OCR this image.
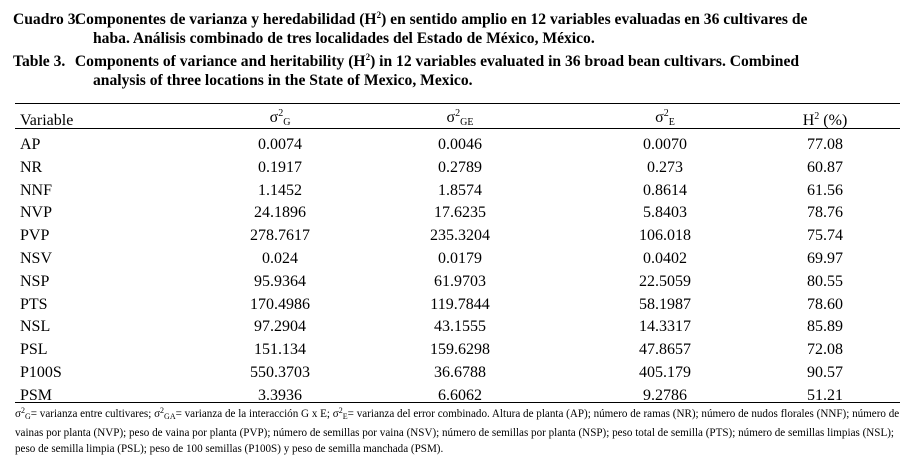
Cuadro 3. Componentes de varianza y heredabilidad $(H^2)$ en sentido amplio en 12 variables evaluadas en 36 cultivares de
haba. Análisis combinado de tres localidades del Estado de México, México.
Table 3. Components of variance and heritability $(H^2)$ in 12 variables evaluated in 36 broad bean cultivars. Combined
analysis of three locations in the State of Mexico, Mexico.
Variable	$\sigma^2_G$	$\sigma^2_{GE}$	$\sigma^2_E$	$H^2$ (%)
AP	0.0074	0.0046	0.0070	77.08
NR	0.1917	0.2789	0.273	60.87
NNF	1.1452	1.8574	0.8614	61.56
NVP	24.1896	17.6235	5.8403	78.76
PVP	278.7617	235.3204	106.018	75.74
NSV	0.024	0.0179	0.0402	69.97
NSP	95.9364	61.9703	22.5059	80.55
PTS	170.4986	119.7844	58.1987	78.60
NSL	97.2904	43.1555	14.3317	85.89
PSL	151.134	159.6298	47.8657	72.08
P100S	550.3703	36.6788	405.179	90.57
PSM	3.3936	6.6062	9.2786	51.21
σ$^2$G= varianza entre cultivares; σ$^2$GA= varianza de la interacción G x E; σ$^2$E= varianza del error combinado. Altura de planta (AP); número de ramas (NR); número de nudos florales (NNF); número de vainas por planta (NVP); peso de vaina por planta (PVP); número de semillas por vaina (NSV); número de semillas por planta (NSP); peso total de semilla (PTS); número de semillas limpias (NSL); peso de semilla limpia (PSL); peso de 100 semillas (P100S) y peso de semilla manchada (PSM).
